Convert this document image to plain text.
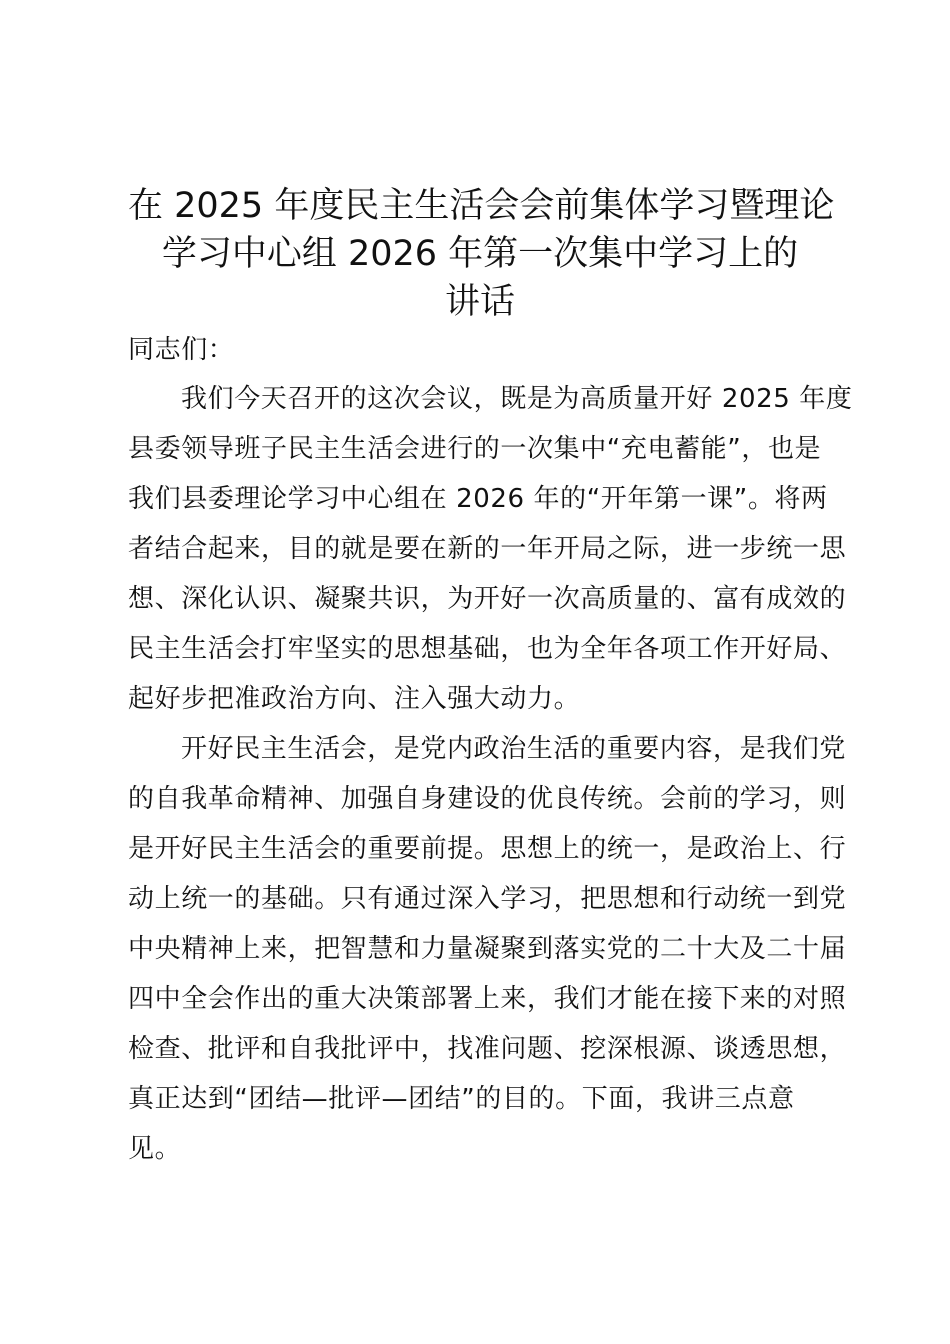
在 2025 年度民主生活会会前集体学习暨理论
学习中心组 2026 年第一次集中学习上的
讲话
同志们：
我们今天召开的这次会议，既是为高质量开好 2025 年度
县委领导班子民主生活会进行的一次集中“充电蓄能”，也是
我们县委理论学习中心组在 2026 年的“开年第一课”。将两
者结合起来，目的就是要在新的一年开局之际，进一步统一思
想、深化认识、凝聚共识，为开好一次高质量的、富有成效的
民主生活会打牢坚实的思想基础，也为全年各项工作开好局、
起好步把准政治方向、注入强大动力。
开好民主生活会，是党内政治生活的重要内容，是我们党
的自我革命精神、加强自身建设的优良传统。会前的学习，则
是开好民主生活会的重要前提。思想上的统一，是政治上、行
动上统一的基础。只有通过深入学习，把思想和行动统一到党
中央精神上来，把智慧和力量凝聚到落实党的二十大及二十届
四中全会作出的重大决策部署上来，我们才能在接下来的对照
检查、批评和自我批评中，找准问题、挖深根源、谈透思想，
真正达到“团结—批评—团结”的目的。下面，我讲三点意
见。
